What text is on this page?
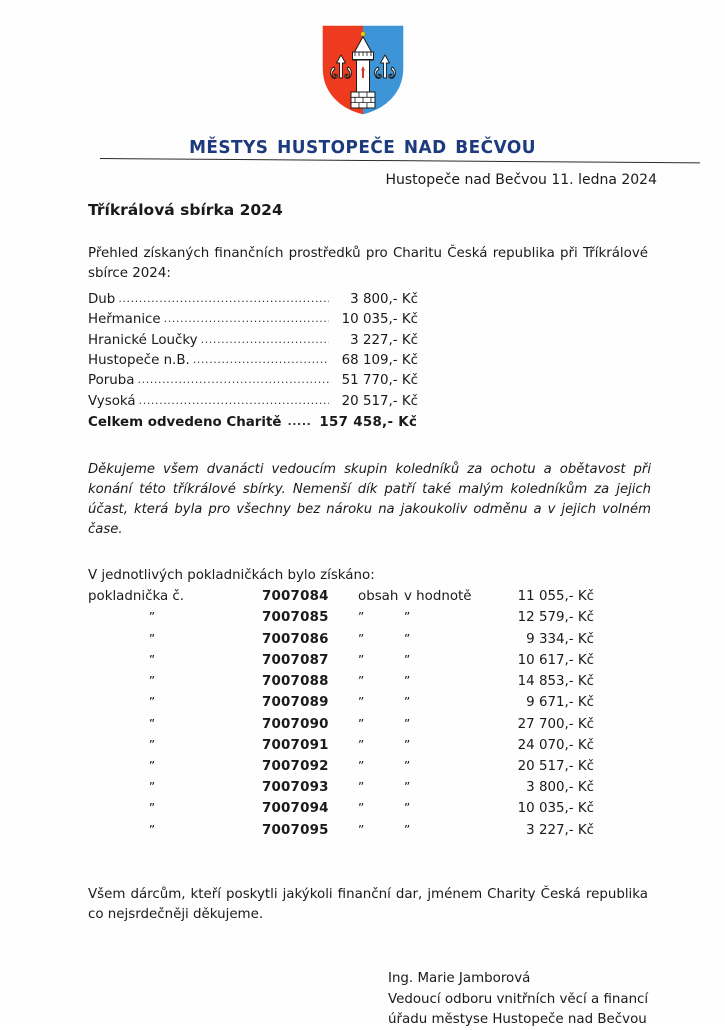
městys hustopeče nad bečvou
Hustopeče nad Bečvou 11. ledna 2024
Tříkrálová sbírka 2024

Přehled získaných finančních prostředků pro Charitu Česká republika při Tříkrálové sbírce 2024:

Dub .....	3 800,- Kč
Heřmanice .....	10 035,- Kč
Hranické Loučky .....	3 227,- Kč
Hustopeče n.B. .....	68 109,- Kč
Poruba .....	51 770,- Kč
Vysoká .....	20 517,- Kč
Celkem odvedeno Charitě .....	157 458,- Kč

Děkujeme všem dvanácti vedoucím skupin koledníků za ochotu a obětavost při konání této tříkrálové sbírky. Nemenší dík patří také malým koledníkům za jejich účast, která byla pro všechny bez nároku na jakoukoliv odměnu a v jejich volném čase.

V jednotlivých pokladničkách bylo získáno:

pokladnička č.	7007084	obsah	v hodnotě	11 055,- Kč
”	7007085	”	”	12 579,- Kč
”	7007086	”	”	9 334,- Kč
”	7007087	”	”	10 617,- Kč
”	7007088	”	”	14 853,- Kč
”	7007089	”	”	9 671,- Kč
”	7007090	”	”	27 700,- Kč
”	7007091	”	”	24 070,- Kč
”	7007092	”	”	20 517,- Kč
”	7007093	”	”	3 800,- Kč
”	7007094	”	”	10 035,- Kč
”	7007095	”	”	3 227,- Kč

Všem dárcům, kteří poskytli jakýkoli finanční dar, jménem Charity Česká republika co nejsrdečněji děkujeme.

Ing. Marie Jamborová
Vedoucí odboru vnitřních věcí a financí
úřadu městyse Hustopeče nad Bečvou
